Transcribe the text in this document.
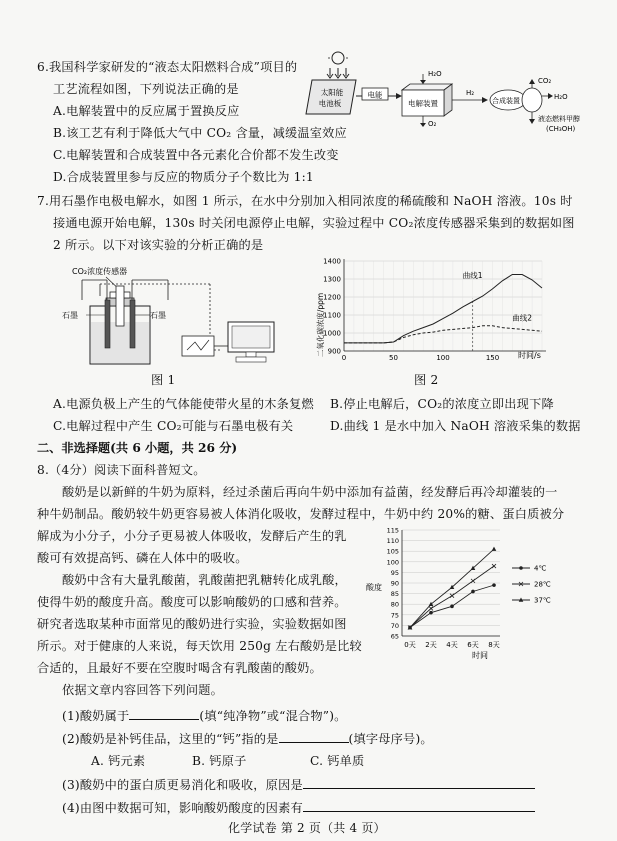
6.我国科学家研发的“液态太阳燃料合成”项目的
工艺流程如图，下列说法正确的是
A.电解装置中的反应属于置换反应
B.该工艺有利于降低大气中 CO₂ 含量，减缓温室效应
C.电解装置和合成装置中各元素化合价都不发生改变
D.合成装置里参与反应的物质分子个数比为 1:1
太阳能
电池板
电能
电解装置
H₂O
O₂
H₂
合成装置
CO₂
H₂O
液态燃料甲醇
(CH₃OH)
7.用石墨作电极电解水，如图 1 所示，在水中分别加入相同浓度的稀硫酸和 NaOH 溶液。10s 时
接通电源开始电解，130s 时关闭电源停止电解，实验过程中 CO₂浓度传感器采集到的数据如图
2 所示。以下对该实验的分析正确的是
CO₂浓度传感器
石墨	石墨
图 1
二氧化碳浓度/ppm	时间/s
900
1000
1100
1200
1300
1400
0	50	100	150
曲线1
曲线2
图 2
A.电源负极上产生的气体能使带火星的木条复燃 B.停止电解后，CO₂的浓度立即出现下降
C.电解过程中产生 CO₂可能与石墨电极有关	D.曲线 1 是水中加入 NaOH 溶液采集的数据
二、非选择题(共 6 小题，共 26 分)
8.（4分）阅读下面科普短文。
酸奶是以新鲜的牛奶为原料，经过杀菌后再向牛奶中添加有益菌，经发酵后再冷却灌装的一
种牛奶制品。酸奶较牛奶更容易被人体消化吸收，发酵过程中，牛奶中约 20%的糖、蛋白质被分
解成为小分子，小分子更易被人体吸收，发酵后产生的乳
酸可有效提高钙、磷在人体中的吸收。
酸奶中含有大量乳酸菌，乳酸菌把乳糖转化成乳酸，
使得牛奶的酸度升高。酸度可以影响酸奶的口感和营养。
研究者选取某种市面常见的酸奶进行实验，实验数据如图
所示。对于健康的人来说，每天饮用 250g 左右酸奶是比较
合适的，且最好不要在空腹时喝含有乳酸菌的酸奶。
依据文章内容回答下列问题。
酸度
时间
65
70
75
80
85
90
95
100
105
110
115
0天 2天 4天 6天 8天
4℃
28℃
37℃
(1)酸奶属于	(填“纯净物”或“混合物”)。
(2)酸奶是补钙佳品，这里的“钙”指的是	(填字母序号)。
A. 钙元素	B. 钙原子	C. 钙单质
(3)酸奶中的蛋白质更易消化和吸收，原因是
(4)由图中数据可知，影响酸奶酸度的因素有
化学试卷 第 2 页（共 4 页）
